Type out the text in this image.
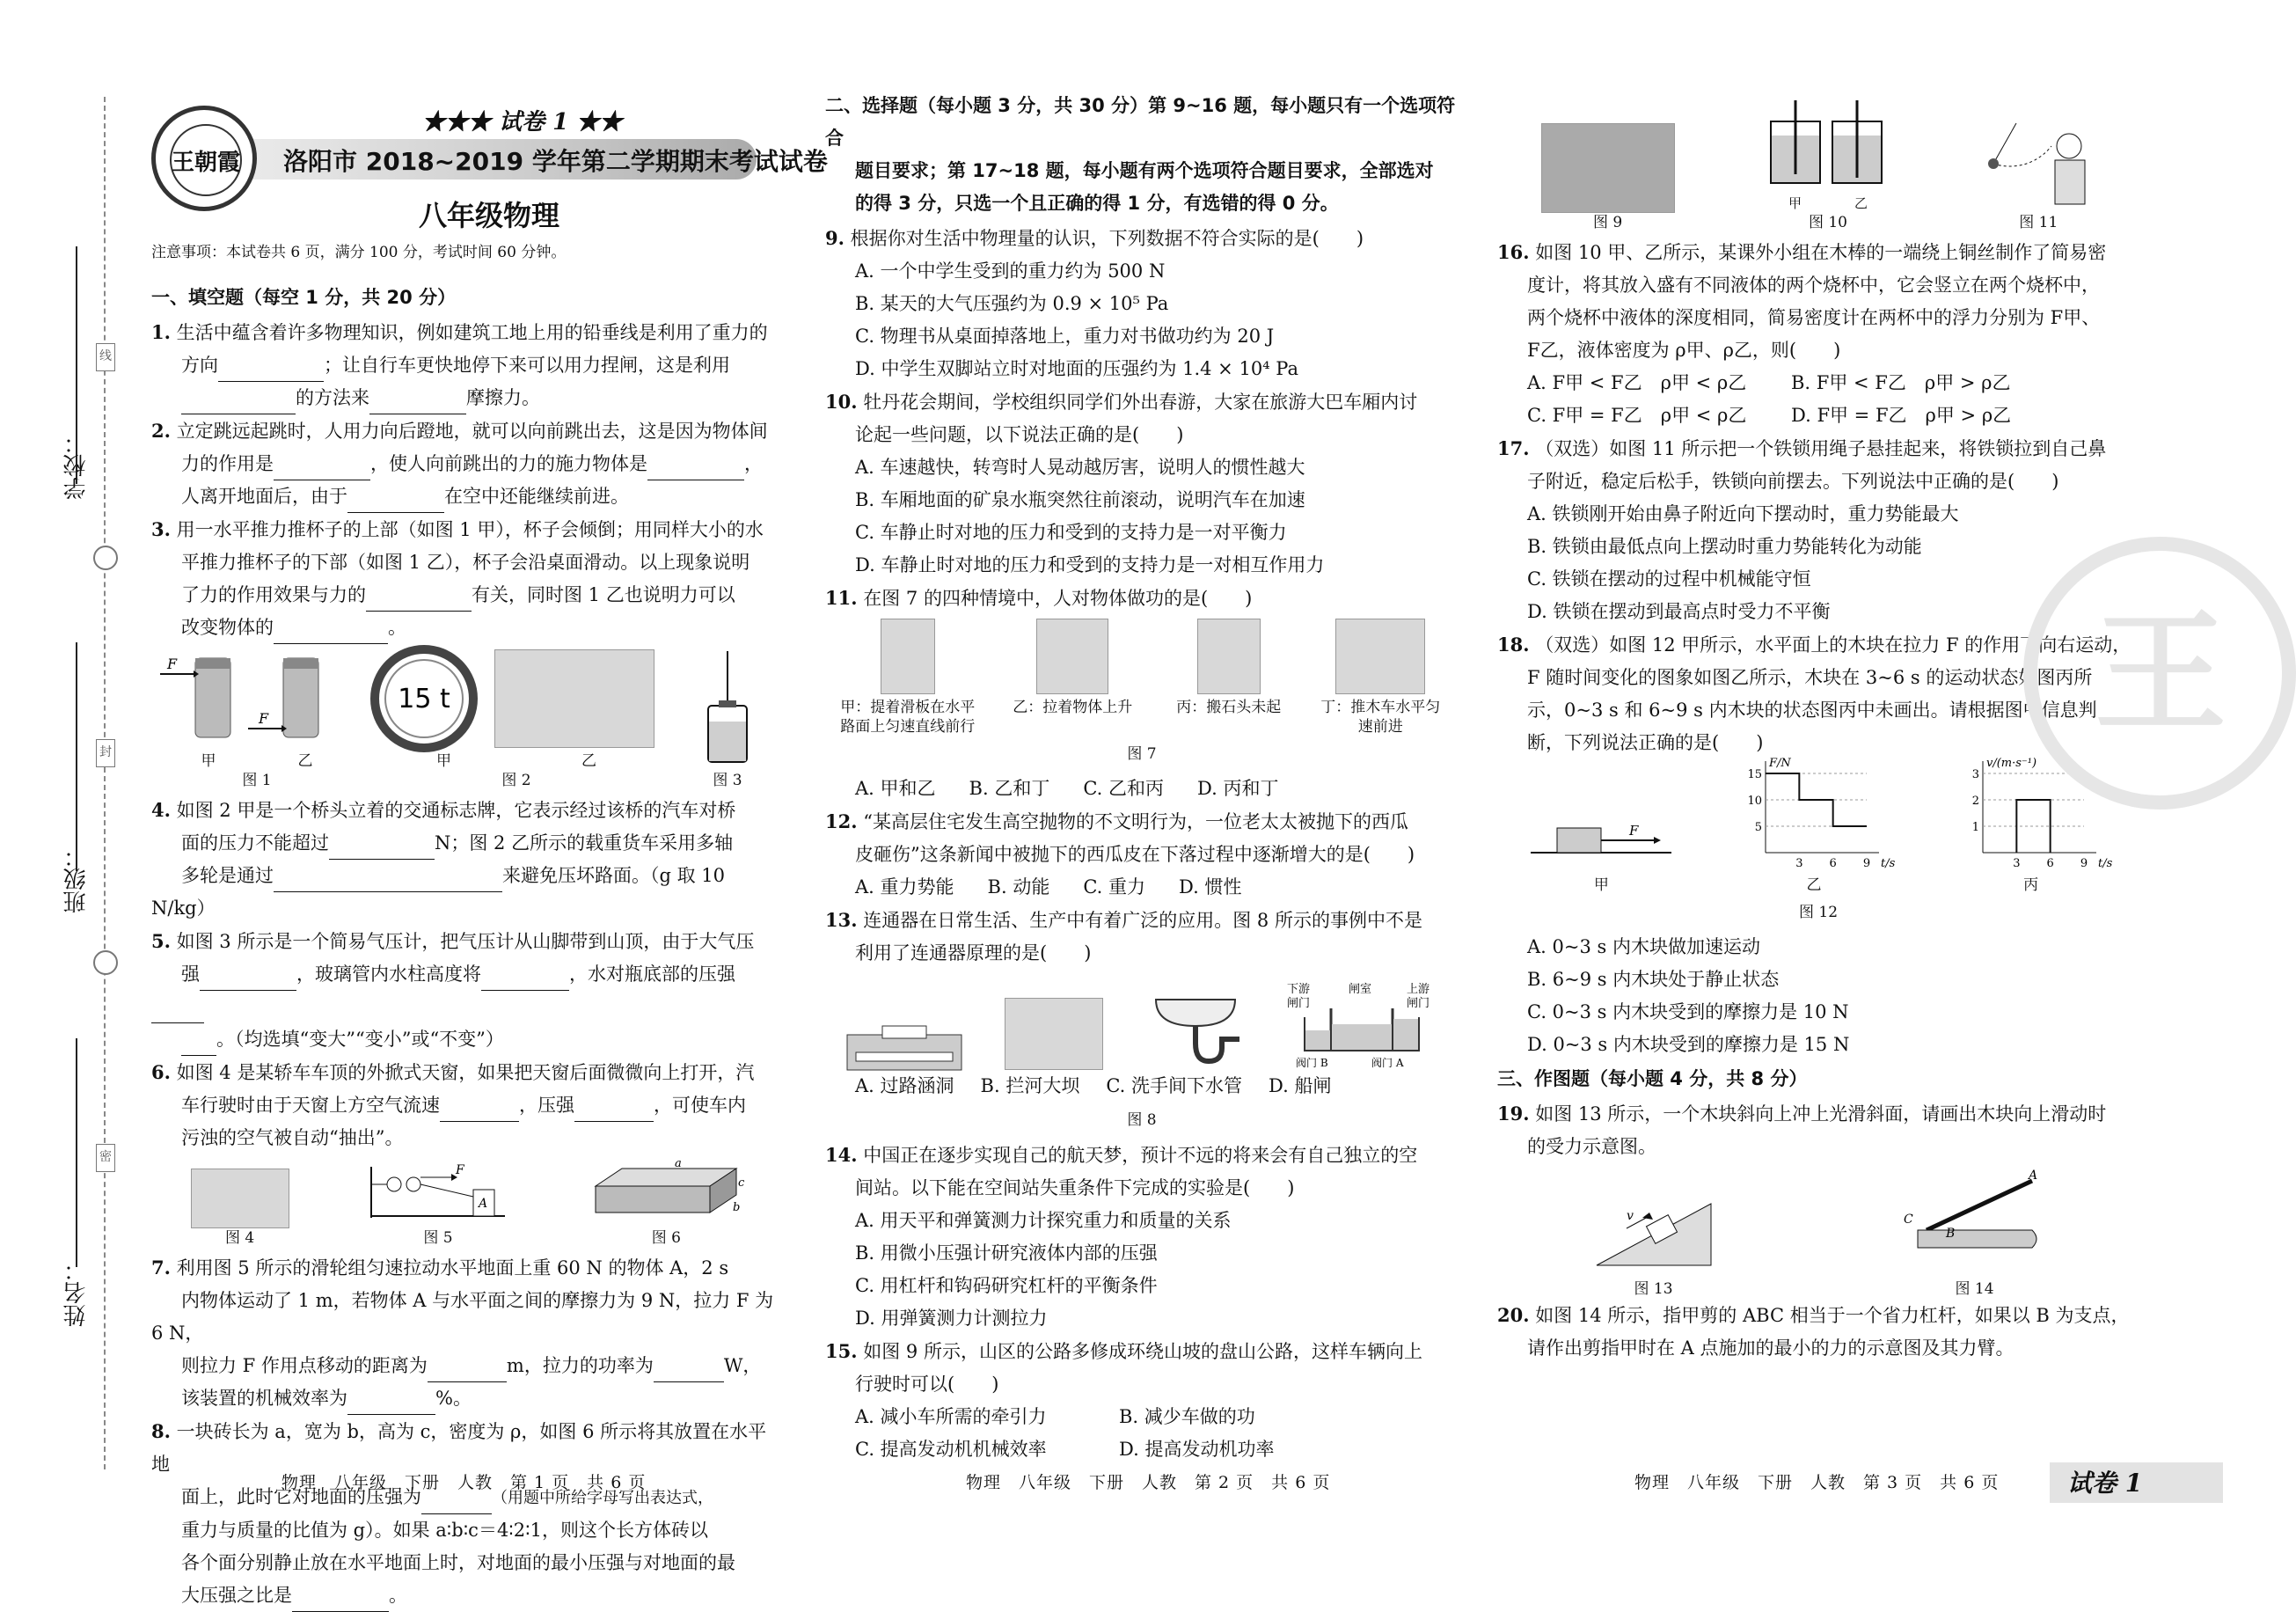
学校：
线
班级：
封
姓名：
密
王朝霞
★★★ 试卷 1 ★★
洛阳市 2018~2019 学年第二学期期末考试试卷
八年级物理
注意事项：本试卷共 6 页，满分 100 分，考试时间 60 分钟。
一、填空题（每空 1 分，共 20 分）
1. 生活中蕴含着许多物理知识，例如建筑工地上用的铅垂线是利用了重力的
方向	；让自行车更快地停下来可以用力捏闸，这是利用
的方法来	摩擦力。
2. 立定跳远起跳时，人用力向后蹬地，就可以向前跳出去，这是因为物体间
力的作用是	，使人向前跳出的力的施力物体是	，
人离开地面后，由于	在空中还能继续前进。
3. 用一水平推力推杯子的上部（如图 1 甲），杯子会倾倒；用同样大小的水
平推力推杯子的下部（如图 1 乙），杯子会沿桌面滑动。以上现象说明
了力的作用效果与力的	有关，同时图 1 乙也说明力可以
改变物体的	。
F
F
甲	乙
图 1
15 t
甲	乙
图 2	图 3
4. 如图 2 甲是一个桥头立着的交通标志牌，它表示经过该桥的汽车对桥
面的压力不能超过	N；图 2 乙所示的载重货车采用多轴
多轮是通过	来避免压坏路面。（g 取 10 N/kg）
5. 如图 3 所示是一个简易气压计，把气压计从山脚带到山顶，由于大气压
强	，玻璃管内水柱高度将	，水对瓶底部的压强
。（均选填“变大”“变小”或“不变”）
6. 如图 4 是某轿车车顶的外掀式天窗，如果把天窗后面微微向上打开，汽
车行驶时由于天窗上方空气流速	，压强	，可使车内
污浊的空气被自动“抽出”。
图 4
F
A
图 5
a
b
c
图 6
7. 利用图 5 所示的滑轮组匀速拉动水平地面上重 60 N 的物体 A，2 s
内物体运动了 1 m，若物体 A 与水平面之间的摩擦力为 9 N，拉力 F 为 6 N，
则拉力 F 作用点移动的距离为	m，拉力的功率为	W，
该装置的机械效率为	%。
8. 一块砖长为 a，宽为 b，高为 c，密度为 ρ，如图 6 所示将其放置在水平地
面上，此时它对地面的压强为	（用题中所给字母写出表达式，
重力与质量的比值为 g）。如果 a∶b∶c＝4∶2∶1，则这个长方体砖以
各个面分别静止放在水平地面上时，对地面的最小压强与对地面的最
大压强之比是	。
二、选择题（每小题 3 分，共 30 分）第 9~16 题，每小题只有一个选项符合
题目要求；第 17~18 题，每小题有两个选项符合题目要求，全部选对
的得 3 分，只选一个且正确的得 1 分，有选错的得 0 分。
9. 根据你对生活中物理量的认识，下列数据不符合实际的是(　　)
A. 一个中学生受到的重力约为 500 N
B. 某天的大气压强约为 0.9 × 10⁵ Pa
C. 物理书从桌面掉落地上，重力对书做功约为 20 J
D. 中学生双脚站立时对地面的压强约为 1.4 × 10⁴ Pa
10. 牡丹花会期间，学校组织同学们外出春游，大家在旅游大巴车厢内讨
论起一些问题，以下说法正确的是(　　)
A. 车速越快，转弯时人晃动越厉害，说明人的惯性越大
B. 车厢地面的矿泉水瓶突然往前滚动，说明汽车在加速
C. 车静止时对地的压力和受到的支持力是一对平衡力
D. 车静止时对地的压力和受到的支持力是一对相互作用力
11. 在图 7 的四种情境中，人对物体做功的是(　　)
甲：提着滑板在水平
路面上匀速直线前行
乙：拉着物体上升
	丙：搬石头未起
	丁：推木车水平匀
速前进
图 7
A. 甲和乙 B. 乙和丁 C. 乙和丙 D. 丙和丁
12. “某高层住宅发生高空抛物的不文明行为，一位老太太被抛下的西瓜
皮砸伤”这条新闻中被抛下的西瓜皮在下落过程中逐渐增大的是(　　)
A. 重力势能 B. 动能 C. 重力 D. 惯性
13. 连通器在日常生活、生产中有着广泛的应用。图 8 所示的事例中不是
利用了连通器原理的是(　　)
下游
闸门
闸室	上游
闸门
阀门 B	阀门 A
A. 过路涵洞 B. 拦河大坝 C. 洗手间下水管 D. 船闸
图 8
14. 中国正在逐步实现自己的航天梦，预计不远的将来会有自己独立的空
间站。以下能在空间站失重条件下完成的实验是(　　)
A. 用天平和弹簧测力计探究重力和质量的关系
B. 用微小压强计研究液体内部的压强
C. 用杠杆和钩码研究杠杆的平衡条件
D. 用弹簧测力计测拉力
15. 如图 9 所示，山区的公路多修成环绕山坡的盘山公路，这样车辆向上
行驶时可以(　　)
A. 减小车所需的牵引力	B. 减少车做的功
C. 提高发动机机械效率	D. 提高发动机功率
图 9
甲	乙
图 10	图 11
16. 如图 10 甲、乙所示，某课外小组在木棒的一端绕上铜丝制作了简易密
度计，将其放入盛有不同液体的两个烧杯中，它会竖立在两个烧杯中，
两个烧杯中液体的深度相同，简易密度计在两杯中的浮力分别为 F甲、
F乙，液体密度为 ρ甲、ρ乙，则(　　)
A. F甲 < F乙　ρ甲 < ρ乙	B. F甲 < F乙　ρ甲 > ρ乙
C. F甲 = F乙　ρ甲 < ρ乙	D. F甲 = F乙　ρ甲 > ρ乙
17. （双选）如图 11 所示把一个铁锁用绳子悬挂起来，将铁锁拉到自己鼻
子附近，稳定后松手，铁锁向前摆去。下列说法中正确的是(　　)
A. 铁锁刚开始由鼻子附近向下摆动时，重力势能最大
B. 铁锁由最低点向上摆动时重力势能转化为动能
C. 铁锁在摆动的过程中机械能守恒
D. 铁锁在摆动到最高点时受力不平衡
18. （双选）如图 12 甲所示，水平面上的木块在拉力 F 的作用下向右运动，
F 随时间变化的图象如图乙所示，木块在 3~6 s 的运动状态如图丙所
示，0~3 s 和 6~9 s 内木块的状态图丙中未画出。请根据图中信息判
断，下列说法正确的是(　　)
F
甲
5
10
15
3 6 9 t/s
F/N
乙
1
2
3
3 6 9 t/s
v/(m·s⁻¹)
丙
图 12
A. 0~3 s 内木块做加速运动
B. 6~9 s 内木块处于静止状态
C. 0~3 s 内木块受到的摩擦力是 10 N
D. 0~3 s 内木块受到的摩擦力是 15 N
三、作图题（每小题 4 分，共 8 分）
19. 如图 13 所示，一个木块斜向上冲上光滑斜面，请画出木块向上滑动时
的受力示意图。
v
图 13
A
B
C
图 14
20. 如图 14 所示，指甲剪的 ABC 相当于一个省力杠杆，如果以 B 为支点，
请作出剪指甲时在 A 点施加的最小的力的示意图及其力臂。
王
物理　八年级　下册　人教　第 1 页　共 6 页	物理　八年级　下册　人教　第 2 页　共 6 页	物理　八年级　下册　人教　第 3 页　共 6 页	试卷 1
